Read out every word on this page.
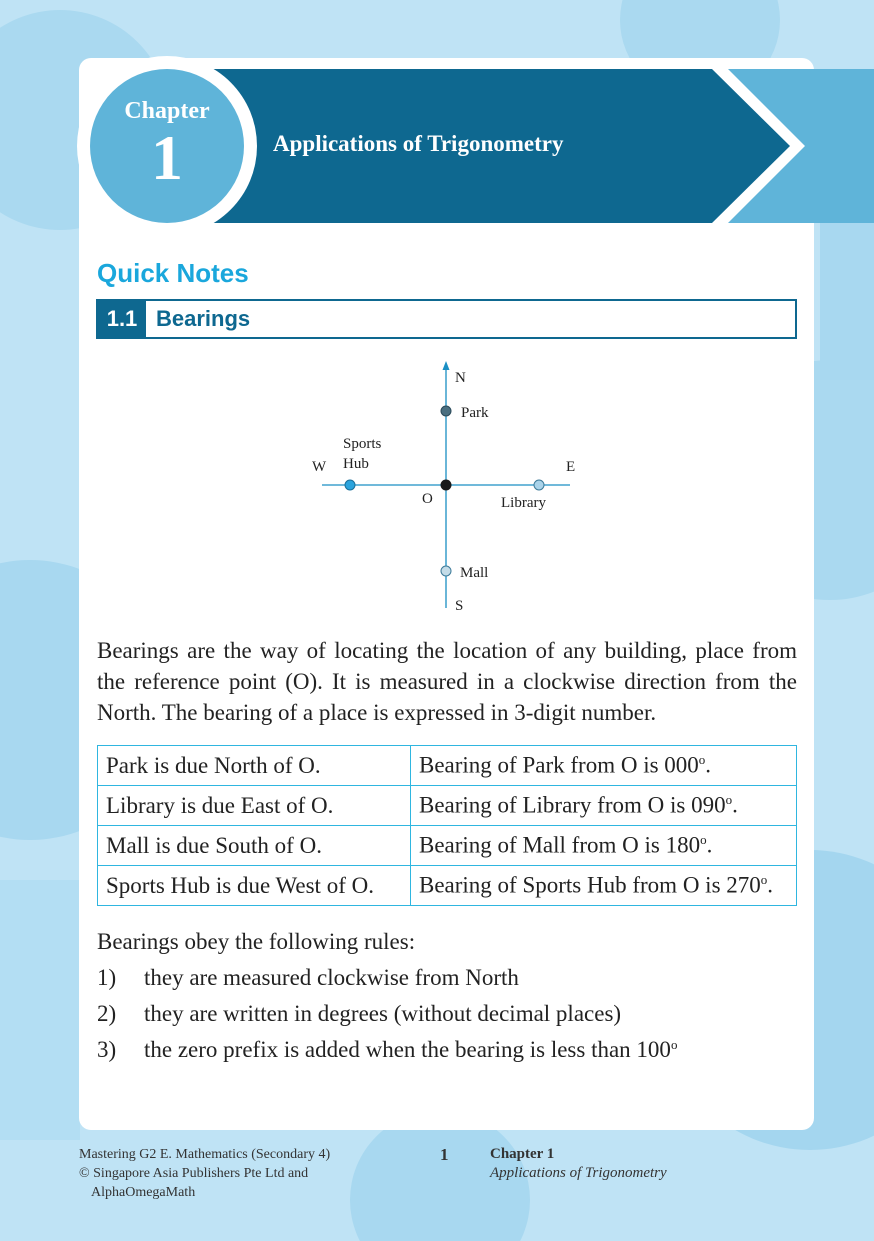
Chapter
1	Applications of Trigonometry
Quick Notes
1.1 Bearings
N
S
E
W
O
Park
Sports
Hub
Library
Mall
Bearings are the way of locating the location of any building, place from the reference point (O). It is measured in a clockwise direction from the North. The bearing of a place is expressed in 3-digit number.
Park is due North of O.	Bearing of Park from O is 000$^o$.
Library is due East of O.	Bearing of Library from O is 090$^o$.
Mall is due South of O.	Bearing of Mall from O is 180$^o$.
Sports Hub is due West of O.	Bearing of Sports Hub from O is 270$^o$.
Bearings obey the following rules:
1)	they are measured clockwise from North
2)	they are written in degrees (without decimal places)
3)	the zero prefix is added when the bearing is less than 100 o
Mastering G2 E. Mathematics (Secondary 4)
© Singapore Asia Publishers Pte Ltd and
AlphaOmegaMath
1	Chapter 1
Applications of Trigonometry
